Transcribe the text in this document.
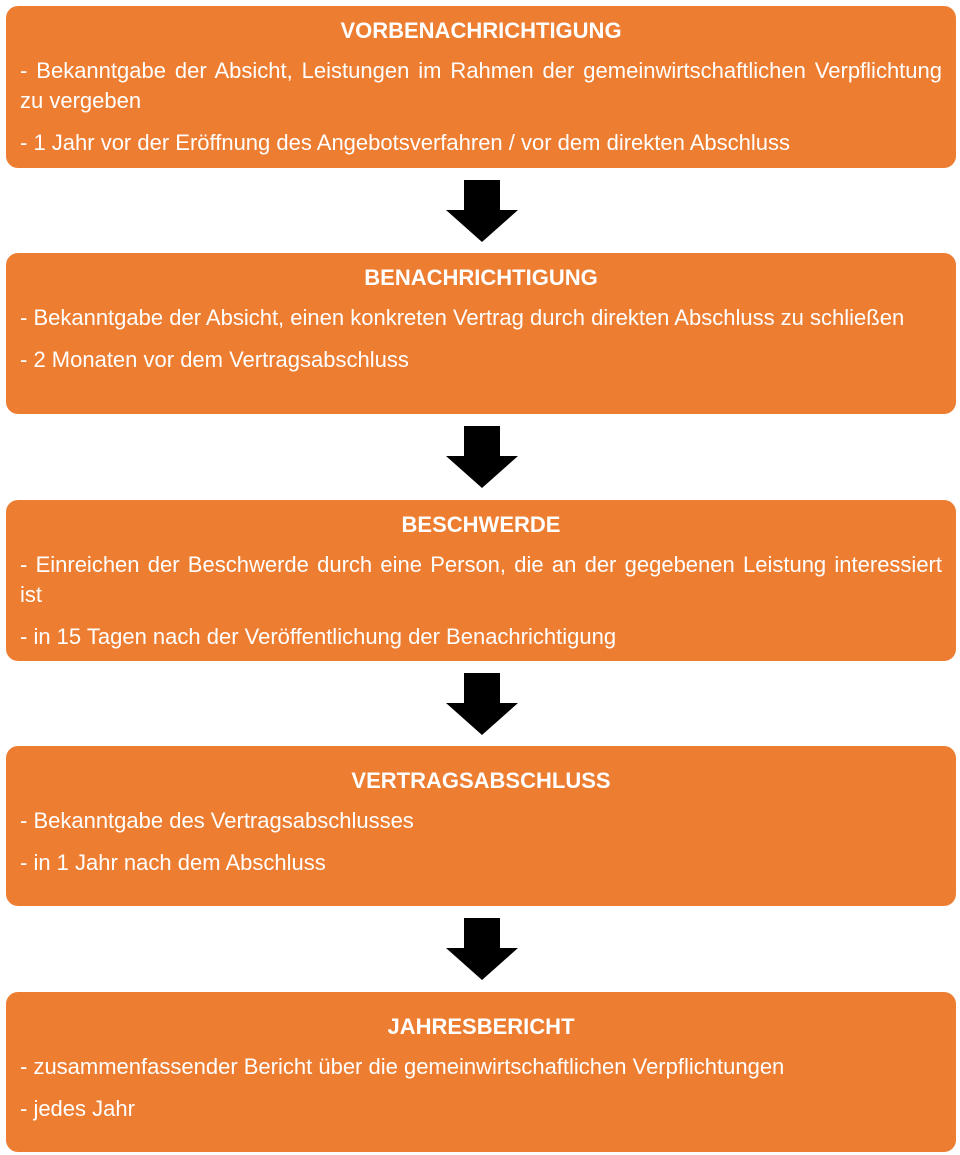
VORBENACHRICHTIGUNG
- Bekanntgabe der Absicht, Leistungen im Rahmen der gemeinwirtschaftlichen Verpflichtung zu vergeben
- 1 Jahr vor der Eröffnung des Angebotsverfahren / vor dem direkten Abschluss
BENACHRICHTIGUNG
- Bekanntgabe der Absicht, einen konkreten Vertrag durch direkten Abschluss zu schließen
- 2 Monaten vor dem Vertragsabschluss
BESCHWERDE
- Einreichen der Beschwerde durch eine Person, die an der gegebenen Leistung interessiert ist
- in 15 Tagen nach der Veröffentlichung der Benachrichtigung
VERTRAGSABSCHLUSS
- Bekanntgabe des Vertragsabschlusses
- in 1 Jahr nach dem Abschluss
JAHRESBERICHT
- zusammenfassender Bericht über die gemeinwirtschaftlichen Verpflichtungen
- jedes Jahr
